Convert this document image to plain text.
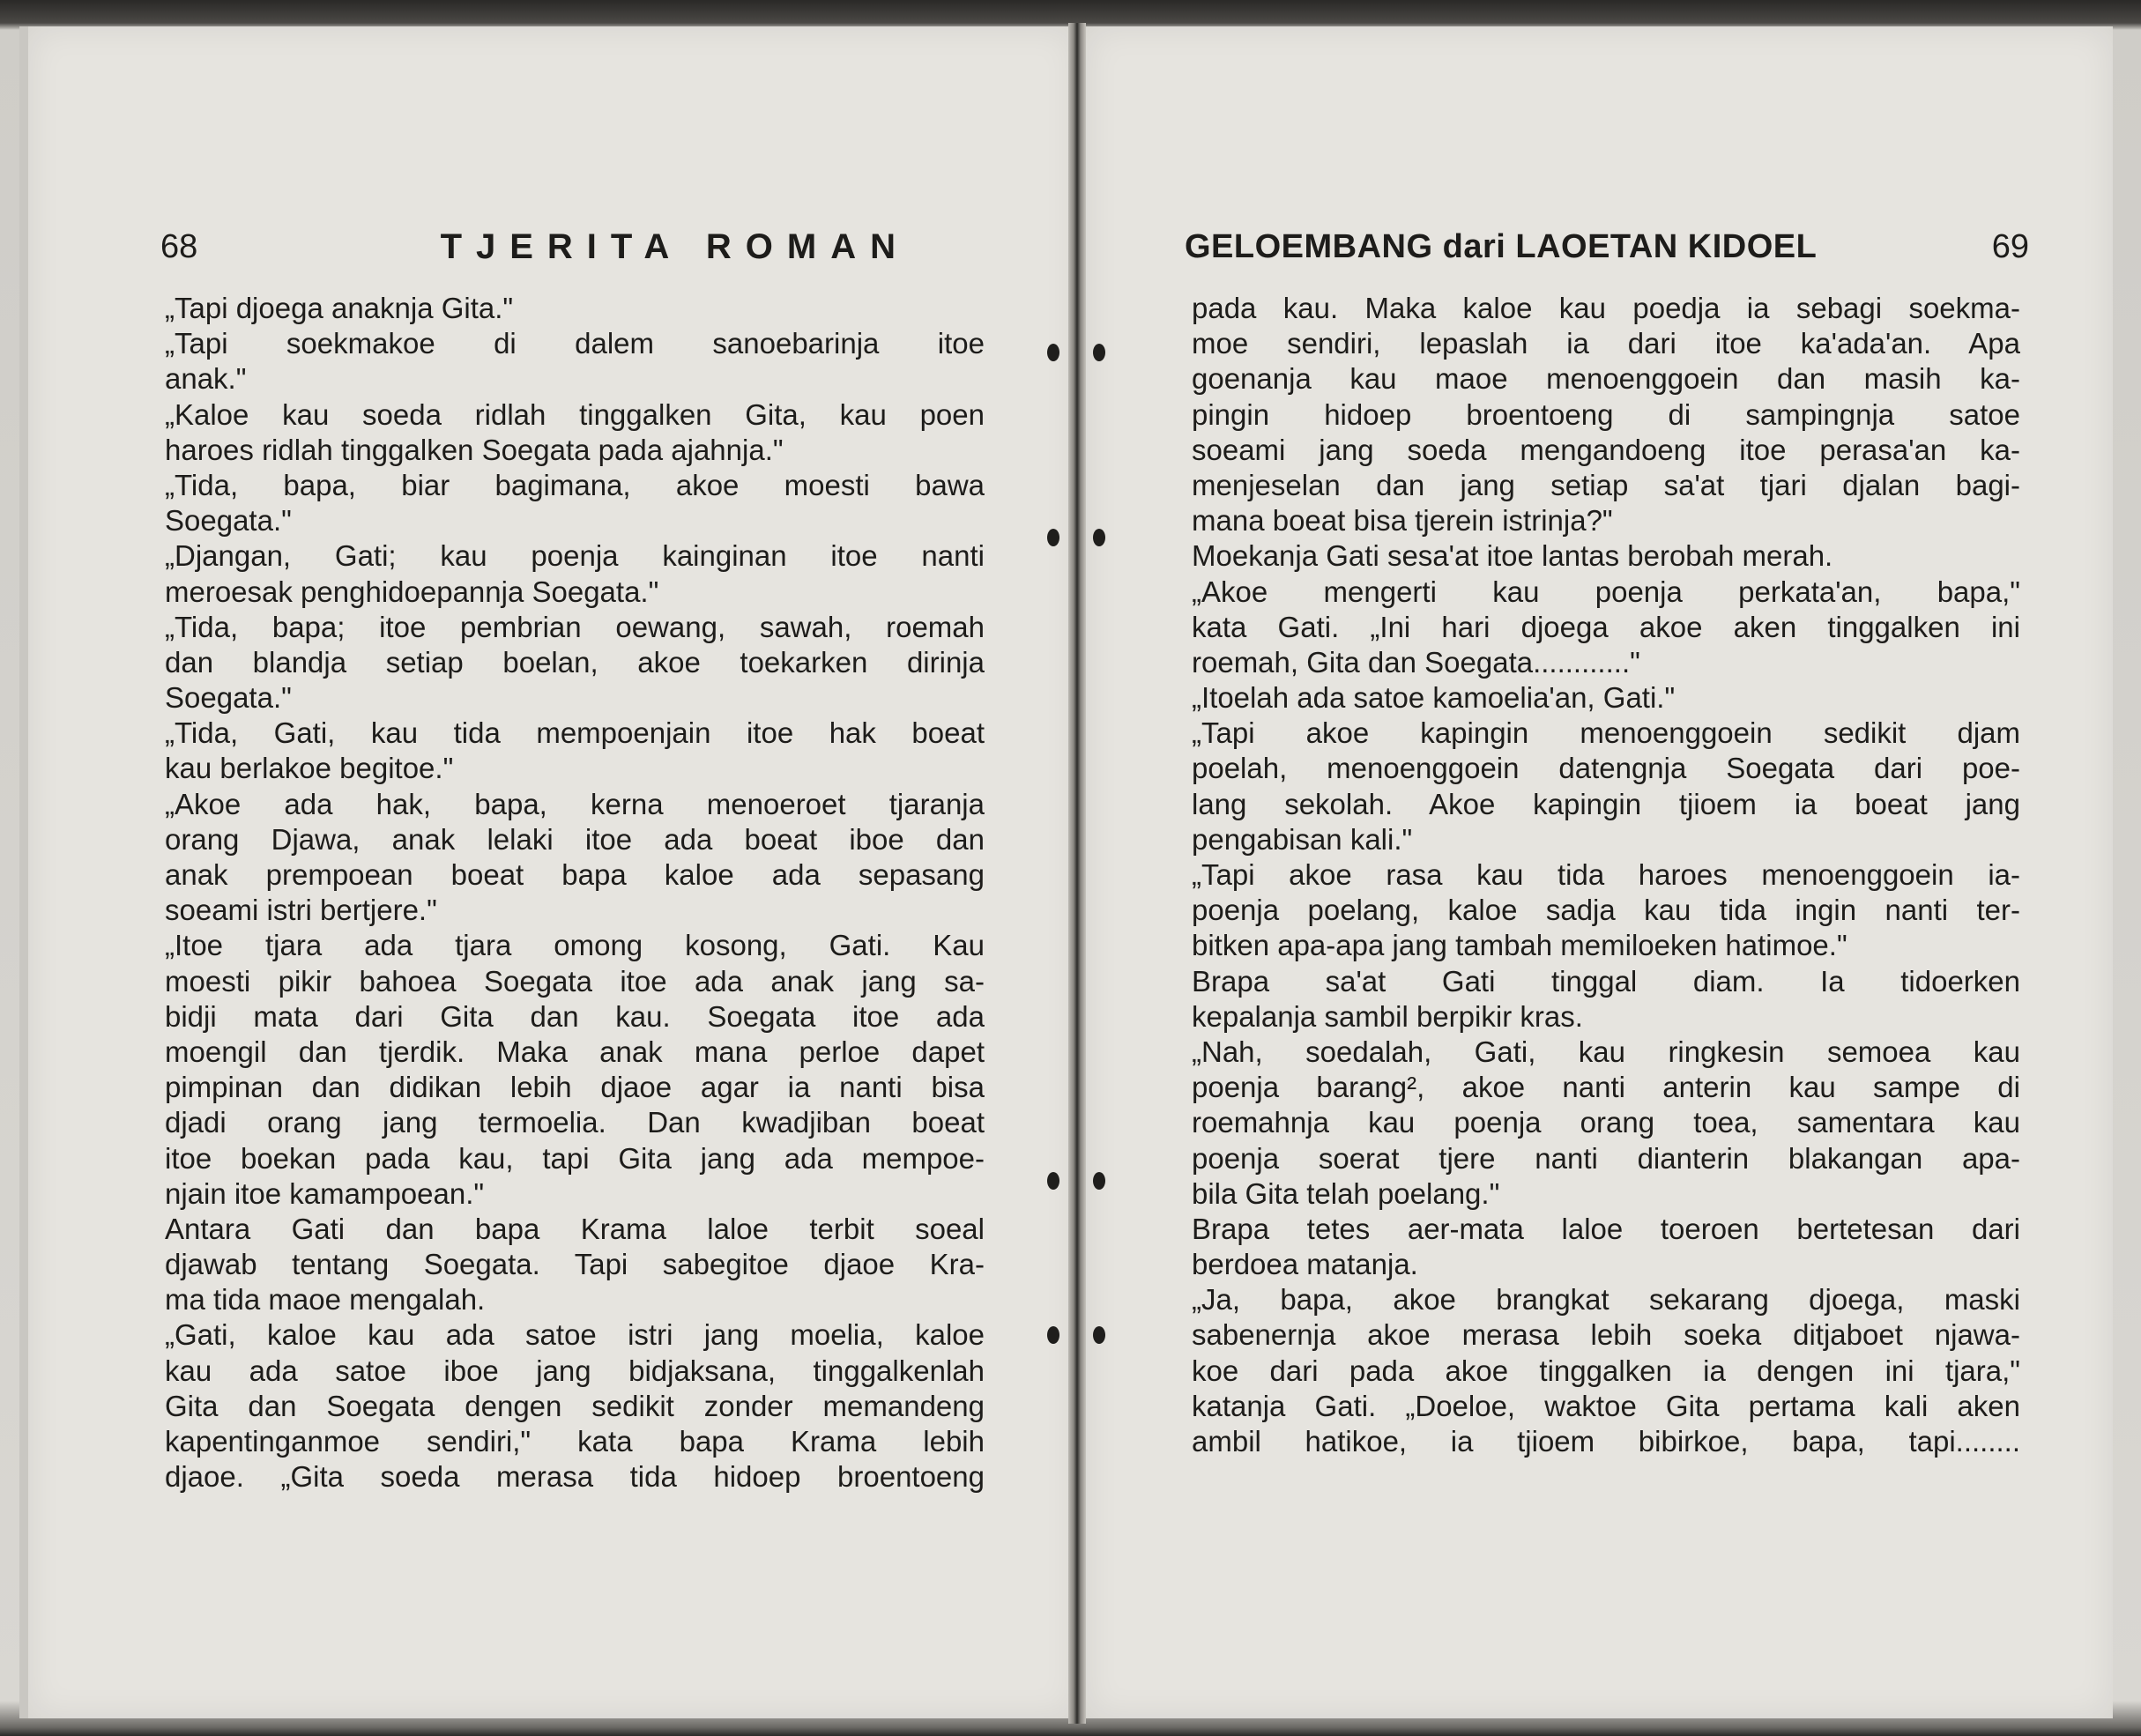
68	TJERITA ROMAN
„Tapi djoega anaknja Gita."
„Tapi soekmakoe di dalem sanoebarinja itoe
anak."
„Kaloe kau soeda ridlah tinggalken Gita, kau poen
haroes ridlah tinggalken Soegata pada ajahnja."
„Tida, bapa, biar bagimana, akoe moesti bawa
Soegata."
„Djangan, Gati; kau poenja kainginan itoe nanti
meroesak penghidoepannja Soegata."
„Tida, bapa; itoe pembrian oewang, sawah, roemah
dan blandja setiap boelan, akoe toekarken dirinja
Soegata."
„Tida, Gati, kau tida mempoenjain itoe hak boeat
kau berlakoe begitoe."
„Akoe ada hak, bapa, kerna menoeroet tjaranja
orang Djawa, anak lelaki itoe ada boeat iboe dan
anak prempoean boeat bapa kaloe ada sepasang
soeami istri bertjere."
„Itoe tjara ada tjara omong kosong, Gati. Kau
moesti pikir bahoea Soegata itoe ada anak jang sa-
bidji mata dari Gita dan kau. Soegata itoe ada
moengil dan tjerdik. Maka anak mana perloe dapet
pimpinan dan didikan lebih djaoe agar ia nanti bisa
djadi orang jang termoelia. Dan kwadjiban boeat
itoe boekan pada kau, tapi Gita jang ada mempoe-
njain itoe kamampoean."
Antara Gati dan bapa Krama laloe terbit soeal
djawab tentang Soegata. Tapi sabegitoe djaoe Kra-
ma tida maoe mengalah.
„Gati, kaloe kau ada satoe istri jang moelia, kaloe
kau ada satoe iboe jang bidjaksana, tinggalkenlah
Gita dan Soegata dengen sedikit zonder memandeng
kapentinganmoe sendiri," kata bapa Krama lebih
djaoe. „Gita soeda merasa tida hidoep broentoeng
GELOEMBANG dari LAOETAN KIDOEL	69
pada kau. Maka kaloe kau poedja ia sebagi soekma-
moe sendiri, lepaslah ia dari itoe ka'ada'an. Apa
goenanja kau maoe menoenggoein dan masih ka-
pingin hidoep broentoeng di sampingnja satoe
soeami jang soeda mengandoeng itoe perasa'an ka-
menjeselan dan jang setiap sa'at tjari djalan bagi-
mana boeat bisa tjerein istrinja?"
Moekanja Gati sesa'at itoe lantas berobah merah.
„Akoe mengerti kau poenja perkata'an, bapa,"
kata Gati. „Ini hari djoega akoe aken tinggalken ini
roemah, Gita dan Soegata............"
„Itoelah ada satoe kamoelia'an, Gati."
„Tapi akoe kapingin menoenggoein sedikit djam
poelah, menoenggoein datengnja Soegata dari poe-
lang sekolah. Akoe kapingin tjioem ia boeat jang
pengabisan kali."
„Tapi akoe rasa kau tida haroes menoenggoein ia-
poenja poelang, kaloe sadja kau tida ingin nanti ter-
bitken apa-apa jang tambah memiloeken hatimoe."
Brapa sa'at Gati tinggal diam. Ia tidoerken
kepalanja sambil berpikir kras.
„Nah, soedalah, Gati, kau ringkesin semoea kau
poenja barang², akoe nanti anterin kau sampe di
roemahnja kau poenja orang toea, samentara kau
poenja soerat tjere nanti dianterin blakangan apa-
bila Gita telah poelang."
Brapa tetes aer-mata laloe toeroen bertetesan dari
berdoea matanja.
„Ja, bapa, akoe brangkat sekarang djoega, maski
sabenernja akoe merasa lebih soeka ditjaboet njawa-
koe dari pada akoe tinggalken ia dengen ini tjara,"
katanja Gati. „Doeloe, waktoe Gita pertama kali aken
ambil hatikoe, ia tjioem bibirkoe, bapa, tapi........
